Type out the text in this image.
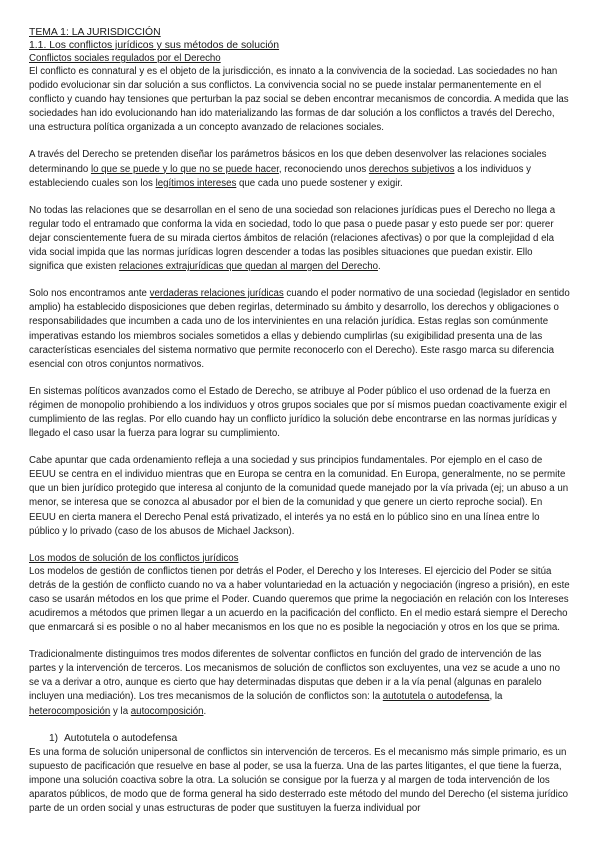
TEMA 1: LA JURISDICCIÓN
1.1. Los conflictos jurídicos y sus métodos de solución
Conflictos sociales regulados por el Derecho

El conflicto es connatural y es el objeto de la jurisdicción, es innato a la convivencia de la sociedad. Las sociedades no han podido evolucionar sin dar solución a sus conflictos. La convivencia social no se puede instalar permanentemente en el conflicto y cuando hay tensiones que perturban la paz social se deben encontrar mecanismos de concordia. A medida que las sociedades han ido evolucionando han ido materializando las formas de dar solución a los conflictos a través del Derecho, una estructura política organizada a un concepto avanzado de relaciones sociales.

A través del Derecho se pretenden diseñar los parámetros básicos en los que deben desenvolver las relaciones sociales determinando lo que se puede y lo que no se puede hacer, reconociendo unos derechos subjetivos a los individuos y estableciendo cuales son los legítimos intereses que cada uno puede sostener y exigir.

No todas las relaciones que se desarrollan en el seno de una sociedad son relaciones jurídicas pues el Derecho no llega a regular todo el entramado que conforma la vida en sociedad, todo lo que pasa o puede pasar y esto puede ser por: querer dejar conscientemente fuera de su mirada ciertos ámbitos de relación (relaciones afectivas) o por que la complejidad d ela vida social impida que las normas jurídicas logren descender a todas las posibles situaciones que puedan existir. Ello significa que existen relaciones extrajurídicas que quedan al margen del Derecho.

Solo nos encontramos ante verdaderas relaciones jurídicas cuando el poder normativo de una sociedad (legislador en sentido amplio) ha establecido disposiciones que deben regirlas, determinado su ámbito y desarrollo, los derechos y obligaciones o responsabilidades que incumben a cada uno de los intervinientes en una relación jurídica. Estas reglas son comúnmente imperativas estando los miembros sociales sometidos a ellas y debiendo cumplirlas (su exigibilidad presenta una de las características esenciales del sistema normativo que permite reconocerlo con el Derecho). Este rasgo marca su diferencia esencial con otros conjuntos normativos.

En sistemas políticos avanzados como el Estado de Derecho, se atribuye al Poder público el uso ordenad de la fuerza en régimen de monopolio prohibiendo a los individuos y otros grupos sociales que por sí mismos puedan coactivamente exigir el cumplimiento de las reglas. Por ello cuando hay un conflicto jurídico la solución debe encontrarse en las normas jurídicas y llegado el caso usar la fuerza para lograr su cumplimiento.

Cabe apuntar que cada ordenamiento refleja a una sociedad y sus principios fundamentales. Por ejemplo en el caso de EEUU se centra en el individuo mientras que en Europa se centra en la comunidad. En Europa, generalmente, no se permite que un bien jurídico protegido que interesa al conjunto de la comunidad quede manejado por la vía privada (ej; un abuso a un menor, se interesa que se conozca al abusador por el bien de la comunidad y que genere un cierto reproche social). En EEUU en cierta manera el Derecho Penal está privatizado, el interés ya no está en lo público sino en una línea entre lo público y lo privado (caso de los abusos de Michael Jackson).

Los modos de solución de los conflictos jurídicos

Los modelos de gestión de conflictos tienen por detrás el Poder, el Derecho y los Intereses. El ejercicio del Poder se sitúa detrás de la gestión de conflicto cuando no va a haber voluntariedad en la actuación y negociación (ingreso a prisión), en este caso se usarán métodos en los que prime el Poder. Cuando queremos que prime la negociación en relación con los Intereses acudiremos a métodos que primen llegar a un acuerdo en la pacificación del conflicto. En el medio estará siempre el Derecho que enmarcará si es posible o no al haber mecanismos en los que no es posible la negociación y otros en los que se prima.

Tradicionalmente distinguimos tres modos diferentes de solventar conflictos en función del grado de intervención de las partes y la intervención de terceros. Los mecanismos de solución de conflictos son excluyentes, una vez se acude a uno no se va a derivar a otro, aunque es cierto que hay determinadas disputas que deben ir a la vía penal (algunas en paralelo incluyen una mediación). Los tres mecanismos de la solución de conflictos son: la autotutela o autodefensa, la heterocomposición y la autocomposición.

1) Autotutela o autodefensa

Es una forma de solución unipersonal de conflictos sin intervención de terceros. Es el mecanismo más simple primario, es un supuesto de pacificación que resuelve en base al poder, se usa la fuerza. Una de las partes litigantes, el que tiene la fuerza, impone una solución coactiva sobre la otra. La solución se consigue por la fuerza y al margen de toda intervención de los aparatos públicos, de modo que de forma general ha sido desterrado este método del mundo del Derecho (el sistema jurídico parte de un orden social y unas estructuras de poder que sustituyen la fuerza individual por
